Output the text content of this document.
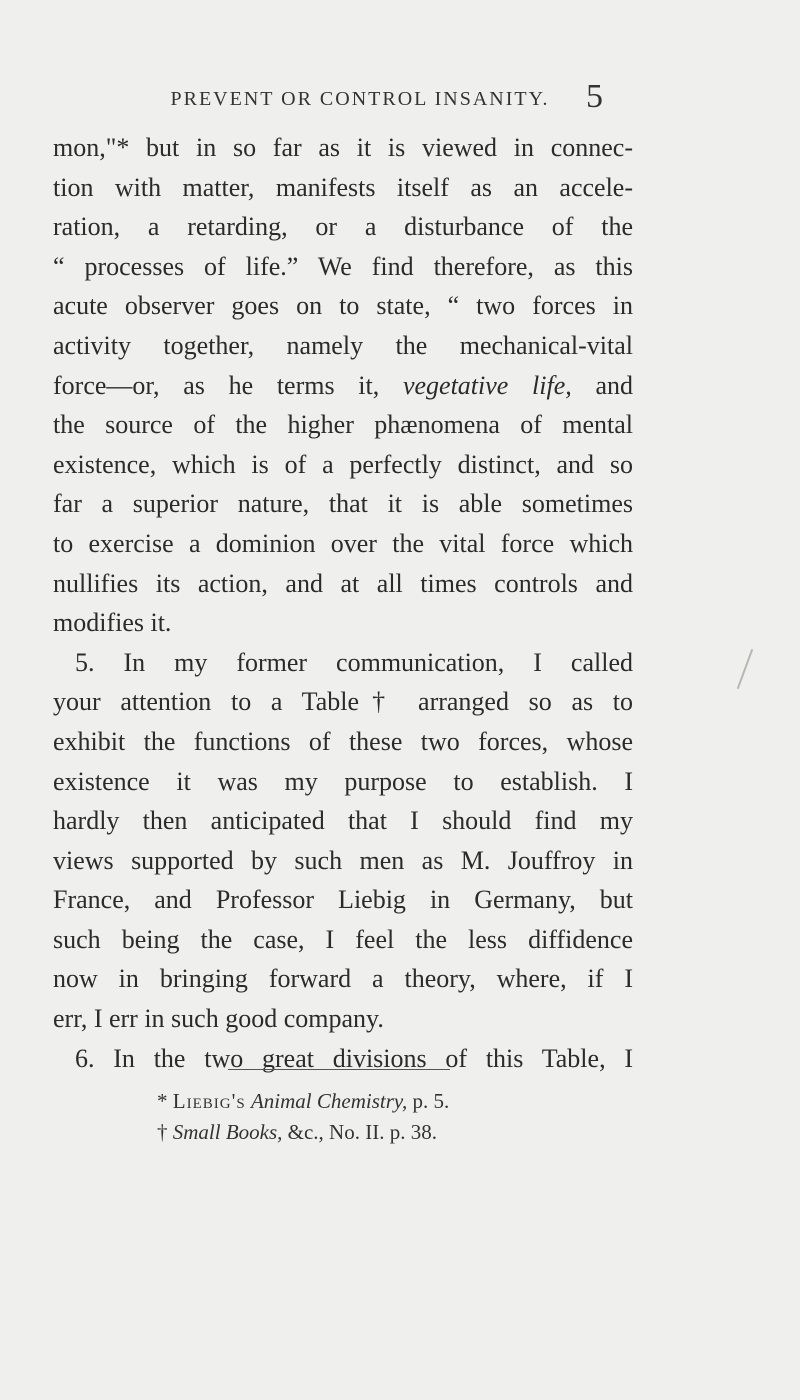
PREVENT OR CONTROL INSANITY.	5
mon,"* but in so far as it is viewed in connec-
tion with matter, manifests itself as an accele-
ration, a retarding, or a disturbance of the
“ processes of life.” We find therefore, as this
acute observer goes on to state, “ two forces in
activity together, namely the mechanical-vital
force—or, as he terms it, vegetative life, and
the source of the higher phænomena of mental
existence, which is of a perfectly distinct, and so
far a superior nature, that it is able sometimes
to exercise a dominion over the vital force which
nullifies its action, and at all times controls and
modifies it.
5. In my former communication, I called
your attention to a Table† arranged so as to
exhibit the functions of these two forces, whose
existence it was my purpose to establish. I
hardly then anticipated that I should find my
views supported by such men as M. Jouffroy in
France, and Professor Liebig in Germany, but
such being the case, I feel the less diffidence
now in bringing forward a theory, where, if I
err, I err in such good company.
6. In the two great divisions of this Table, I
* Liebig's Animal Chemistry, p. 5.
† Small Books, &c., No. II. p. 38.
